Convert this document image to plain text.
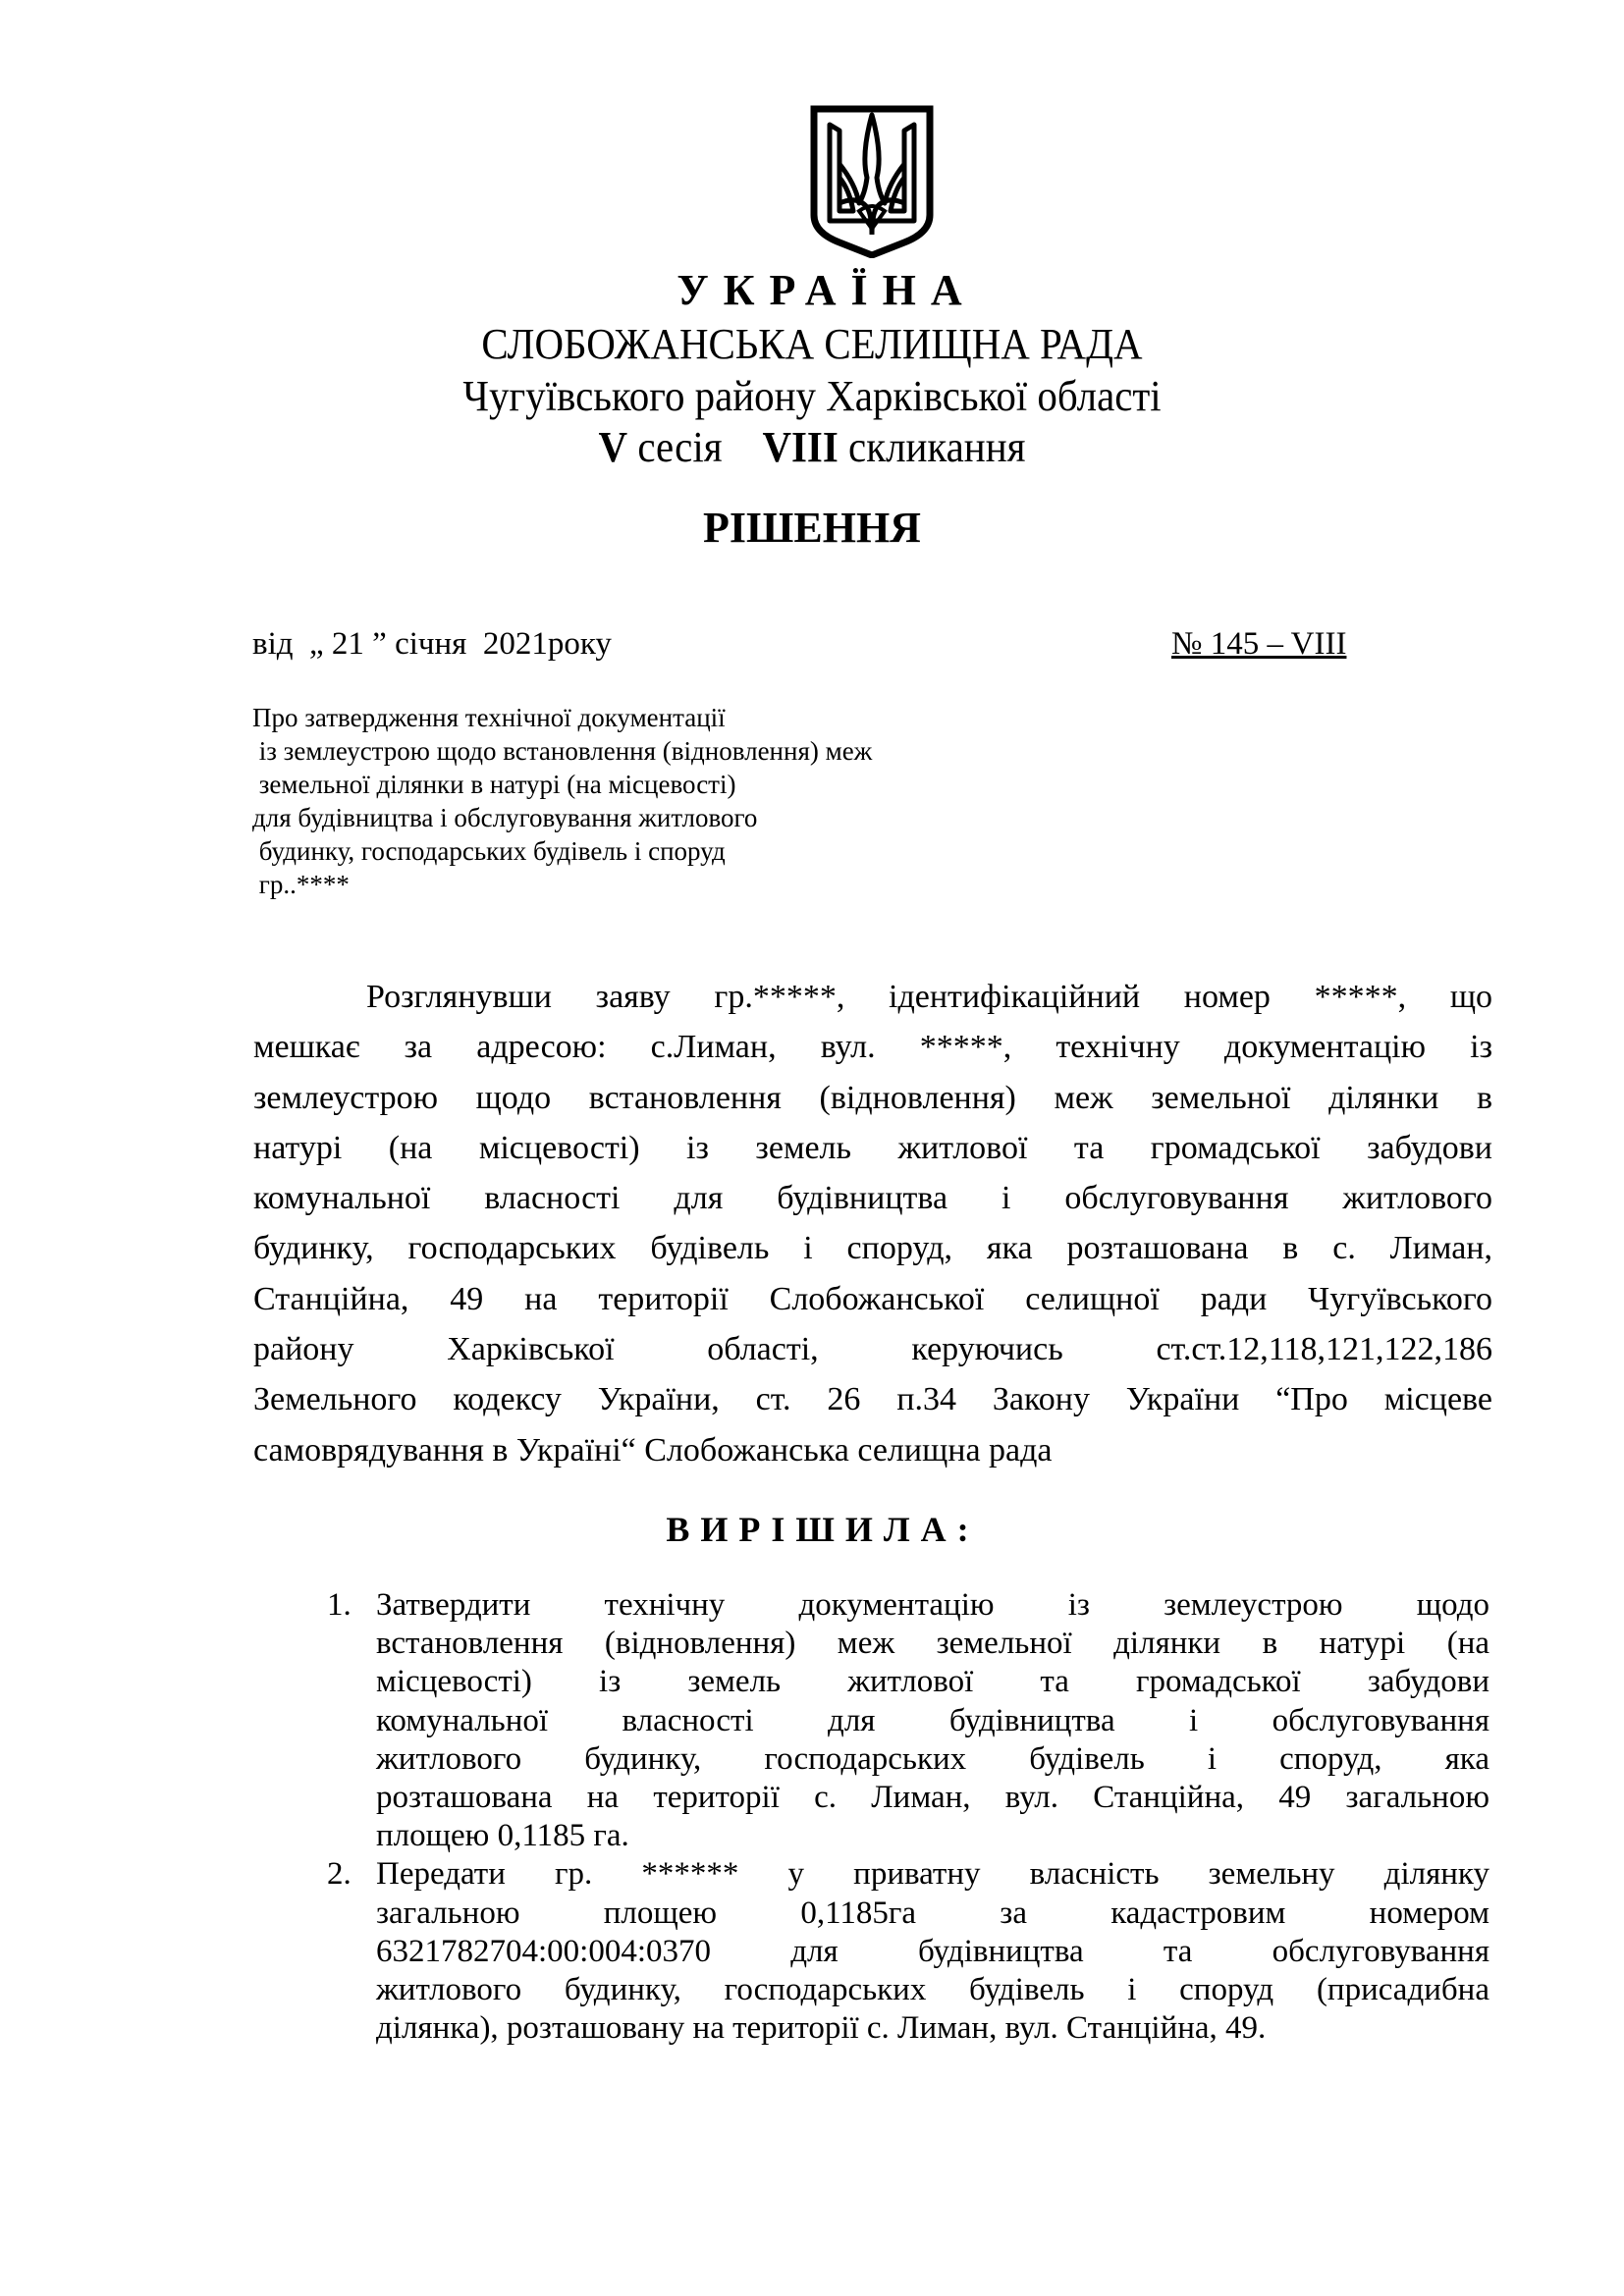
УКРАЇНА
СЛОБОЖАНСЬКА СЕЛИЩНА РАДА
Чугуївського району Харківської області
V сесія    VIII скликання
РІШЕННЯ
від  „ 21 ” січня  2021року	№ 145 – VIII
Про затвердження технічної документації
із землеустрою щодо встановлення (відновлення) меж
земельної ділянки в натурі (на місцевості)
для будівництва і обслуговування житлового
будинку, господарських будівель і споруд
гр..****
Розглянувши заяву гр.*****, ідентифікаційний номер *****, що
мешкає за адресою: с.Лиман, вул. *****, технічну документацію із
землеустрою щодо встановлення (відновлення) меж земельної ділянки в
натурі (на місцевості) із земель житлової та громадської забудови
комунальної власності для будівництва і обслуговування житлового
будинку, господарських будівель і споруд, яка розташована в с. Лиман,
Станційна, 49 на території Слобожанської селищної ради Чугуївського
району Харківської області, керуючись ст.ст.12,118,121,122,186
Земельного кодексу України, ст. 26 п.34 Закону України “Про місцеве
самоврядування в Україні“ Слобожанська селищна рада
ВИРІШИЛА:
1. Затвердити технічну документацію із землеустрою щодо
встановлення (відновлення) меж земельної ділянки в натурі (на
місцевості) із земель житлової та громадської забудови
комунальної власності для будівництва і обслуговування
житлового будинку, господарських будівель і споруд, яка
розташована на території с. Лиман, вул. Станційна, 49 загальною
площею 0,1185 га.
2. Передати гр. ****** у приватну власність земельну ділянку
загальною площею 0,1185га за кадастровим номером
6321782704:00:004:0370 для будівництва та обслуговування
житлового будинку, господарських будівель і споруд (присадибна
ділянка), розташовану на території с. Лиман, вул. Станційна, 49.
